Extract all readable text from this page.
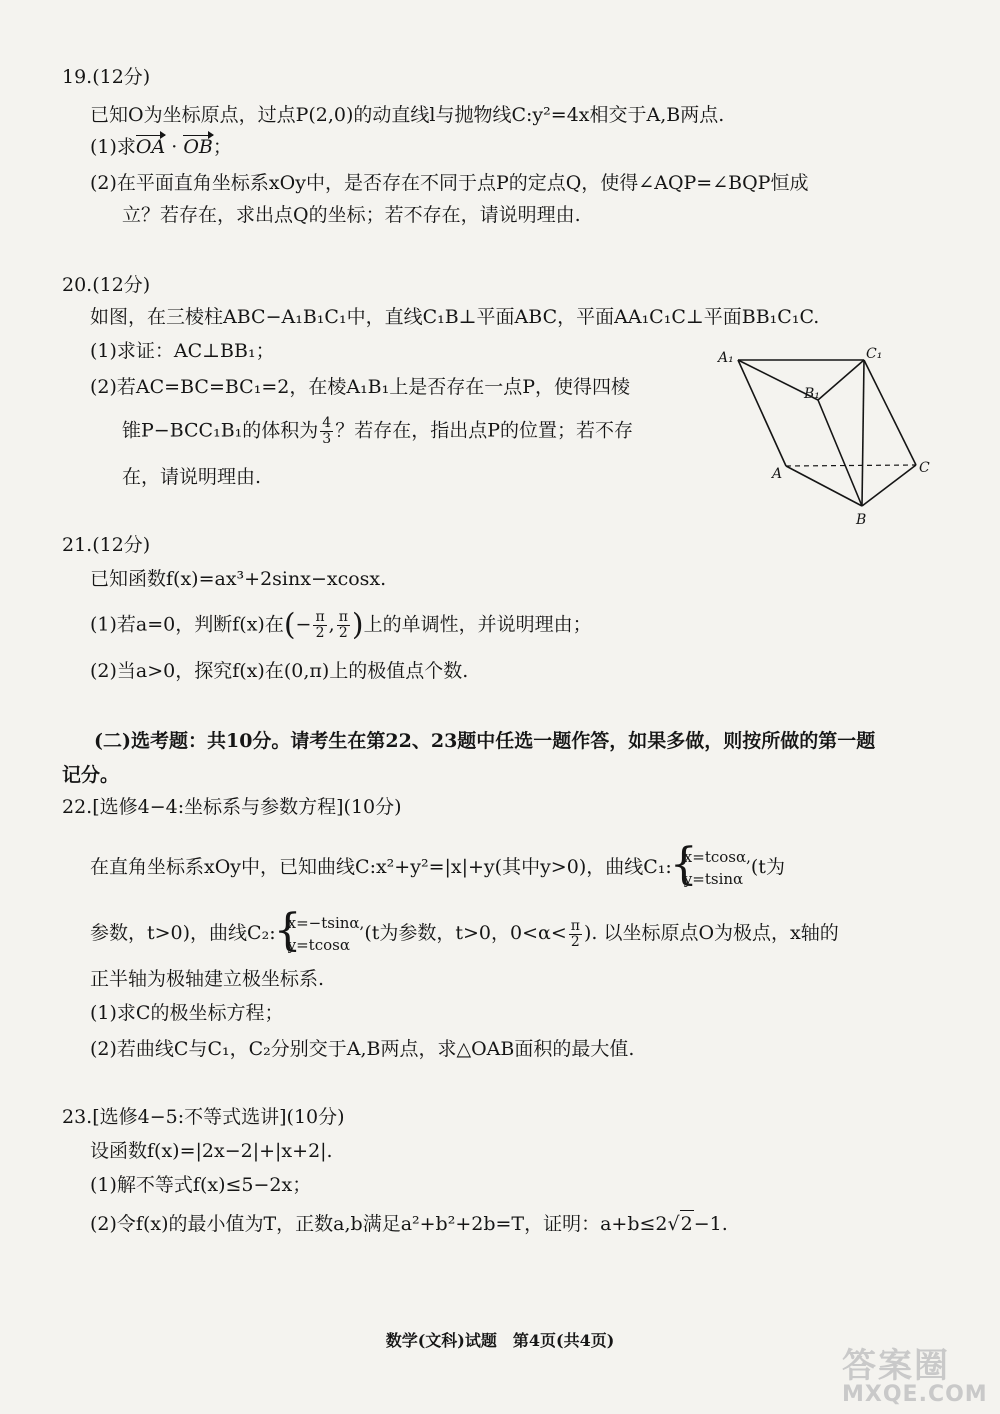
19.(12分)
已知O为坐标原点，过点P(2,0)的动直线l与抛物线C:y²=4x相交于A,B两点.
(1)求OA · OB；
(2)在平面直角坐标系xOy中，是否存在不同于点P的定点Q，使得∠AQP=∠BQP恒成
立？若存在，求出点Q的坐标；若不存在，请说明理由.
20.(12分)
如图，在三棱柱ABC−A₁B₁C₁中，直线C₁B⊥平面ABC，平面AA₁C₁C⊥平面BB₁C₁C.
(1)求证：AC⊥BB₁；
(2)若AC=BC=BC₁=2，在棱A₁B₁上是否存在一点P，使得四棱
锥P−BCC₁B₁的体积为 $\frac{4}{3}$ ？若存在，指出点P的位置；若不存
在，请说明理由.
A₁	C₁
B₁
A	C
B
21.(12分)
已知函数f(x)=ax³+2sinx−xcosx.
(1)若a=0，判断f(x)在(− $\frac{\pi}{2}$ , $\frac{\pi}{2}$ )上的单调性，并说明理由；
(2)当a>0，探究f(x)在(0,π)上的极值点个数.
(二)选考题：共10分。请考生在第22、23题中任选一题作答，如果多做，则按所做的第一题
记分。
22.[选修4−4:坐标系与参数方程](10分)
在直角坐标系xOy中，已知曲线C:x²+y²=|x|+y(其中y>0)，曲线C₁: { x=tcosα,
y=tsinα
(t为
参数，t>0)，曲线C₂: { x=−tsinα,
y=tcosα
(t为参数，t>0，$0<\alpha< \frac{\pi}{2}$ ). 以坐标原点O为极点，x轴的
正半轴为极轴建立极坐标系.
(1)求C的极坐标方程；
(2)若曲线C与C₁，C₂分别交于A,B两点，求△OAB面积的最大值.
23.[选修4−5:不等式选讲](10分)
设函数f(x)=|2x−2|+|x+2|.
(1)解不等式f(x)≤5−2x；
(2)令f(x)的最小值为T，正数a,b满足a²+b²+2b=T，证明：a+b≤2√2−1.
数学(文科)试题　第4页(共4页)
答案圈
MXQE.COM
